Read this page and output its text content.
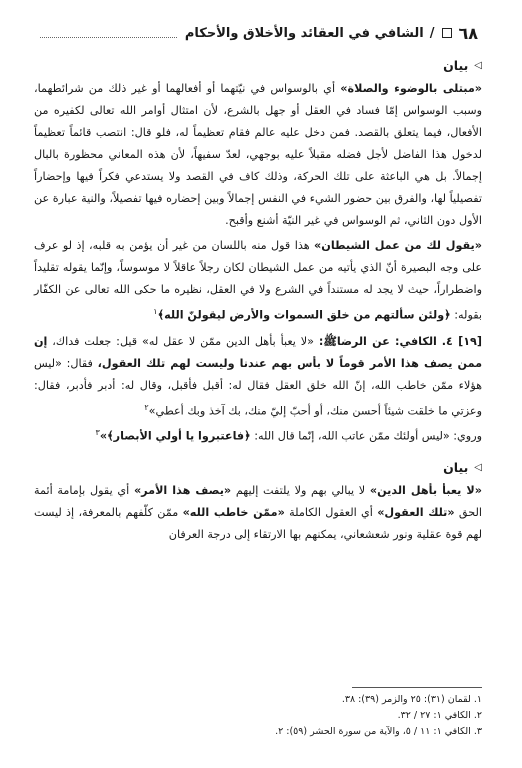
٦٨
/
الشافي في العقائد والأخلاق والأحكام
◁
بيان

«مبتلى بالوضوء والصلاة» أي بالوسواس في نيّتهما أو أفعالهما أو غير ذلك من شرائطهما، وسبب الوسواس إمّا فساد في العقل أو جهل بالشرع، لأن امتثال أوامر الله تعالى لكفيره من الأفعال، فيما يتعلق بالقصد. فمن دخل عليه عالم فقام تعظيماً له، فلو قال: انتصب قائماً تعظيماً لدخول هذا الفاضل لأجل فضله مقبلاً عليه بوجهي، لعدّ سفيهاً، لأن هذه المعاني محظورة بالبال إجمالاً. بل هي الباعثة على تلك الحركة، وذلك كاف في القصد ولا يستدعي فكراً فيها وإحضاراً تفصيلياً لها، والفرق بين حضور الشيء في النفس إجمالاً وبين إحضاره فيها تفصيلاً، والنية عبارة عن الأول دون الثاني، ثم الوسواس في غير النيّة أشنع وأقبح.

«يقول لك من عمل الشيطان» هذا قول منه باللسان من غير أن يؤمن به قلبه، إذ لو عرف على وجه البصيرة أنّ الذي يأتيه من عمل الشيطان لكان رجلاً عاقلاً لا موسوساً، وإنّما يقوله تقليداً واضطراراً، حيث لا يجد له مستنداً في الشرع ولا في العقل، نظيره ما حكى الله تعالى عن الكفّار بقوله: ﴿ولئن سألتهم من خلق السموات والأرض ليقولنّ الله﴾$^١$

[١٩] ٤. الكافي: عن الرضاﷺ: «لا يعبأ بأهل الدين ممّن لا عقل له» قيل: جعلت فداك، إن ممن يصف هذا الأمر قوماً لا بأس بهم عندنا وليست لهم تلك العقول، فقال: «ليس هؤلاء ممّن خاطب الله، إنّ الله خلق العقل فقال له: أقبل فأقبل، وقال له: أدبر فأدبر، فقال: وعزتي ما خلقت شيئاً أحسن منك، أو أحبّ إليّ منك، بك آخذ وبك أعطي»$^٢$

وروي: «ليس أولئك ممّن عاتب الله، إنّما قال الله: ﴿فاعتبروا يا أولي الأبصار﴾»$^٣$

◁
بيان

«لا يعبأ بأهل الدين» لا يبالي بهم ولا يلتفت إليهم «يصف هذا الأمر» أي يقول بإمامة أئمة الحق «تلك العقول» أي العقول الكاملة «ممّن خاطب الله» ممّن كلّفهم بالمعرفة، إذ ليست لهم قوة عقلية ونور شعشعاني، يمكنهم بها الارتقاء إلى درجة العرفان

١. لقمان (٣١): ٢٥ والزمر (٣٩): ٣٨.
٢. الكافي ١: ٢٧ / ٣٢.
٣. الكافي ١: ١١ / ٥، والآية من سورة الحشر (٥٩): ٢.
